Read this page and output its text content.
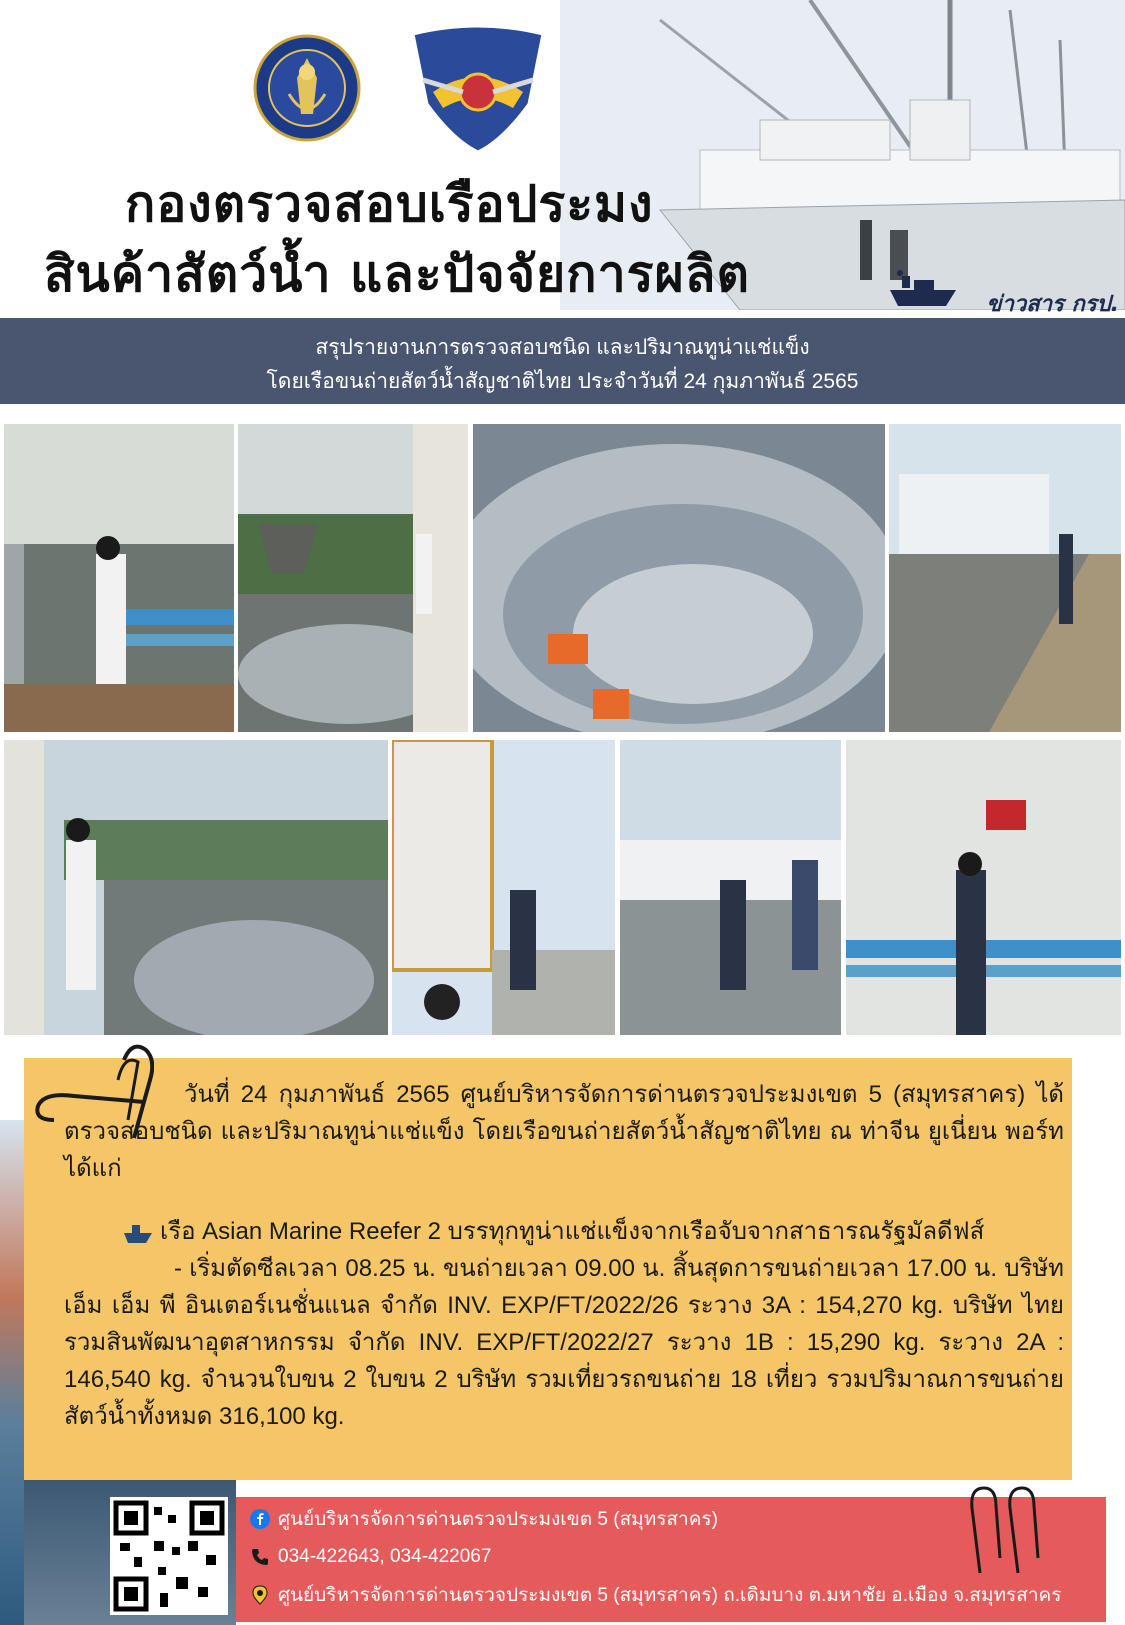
กองตรวจสอบเรือประมง
สินค้าสัตว์น้ำ และปัจจัยการผลิต
ข่าวสาร กรป.
สรุปรายงานการตรวจสอบชนิด และปริมาณทูน่าแช่แข็ง
โดยเรือขนถ่ายสัตว์น้ำสัญชาติไทย ประจำวันที่ 24 กุมภาพันธ์ 2565

วันที่ 24 กุมภาพันธ์ 2565 ศูนย์บริหารจัดการด่านตรวจประมงเขต 5 (สมุทรสาคร) ได้ตรวจสอบชนิด และปริมาณทูน่าแช่แข็ง โดยเรือขนถ่ายสัตว์น้ำสัญชาติไทย ณ ท่าจีน ยูเนี่ยน พอร์ท ได้แก่

เรือ Asian Marine Reefer 2 บรรทุกทูน่าแช่แข็งจากเรือจับจากสาธารณรัฐมัลดีฟส์
- เริ่มตัดซีลเวลา 08.25 น. ขนถ่ายเวลา 09.00 น. สิ้นสุดการขนถ่ายเวลา 17.00 น. บริษัท เอ็ม เอ็ม พี อินเตอร์เนชั่นแนล จำกัด INV. EXP/FT/2022/26 ระวาง 3A : 154,270 kg. บริษัท ไทยรวมสินพัฒนาอุตสาหกรรม จำกัด INV. EXP/FT/2022/27 ระวาง 1B : 15,290 kg. ระวาง 2A : 146,540 kg. จำนวนใบขน 2 ใบขน 2 บริษัท รวมเที่ยวรถขนถ่าย 18 เที่ยว รวมปริมาณการขนถ่ายสัตว์น้ำทั้งหมด 316,100 kg.
ศูนย์บริหารจัดการด่านตรวจประมงเขต 5 (สมุทรสาคร)
034-422643, 034-422067
ศูนย์บริหารจัดการด่านตรวจประมงเขต 5 (สมุทรสาคร) ถ.เดิมบาง ต.มหาชัย อ.เมือง จ.สมุทรสาคร
